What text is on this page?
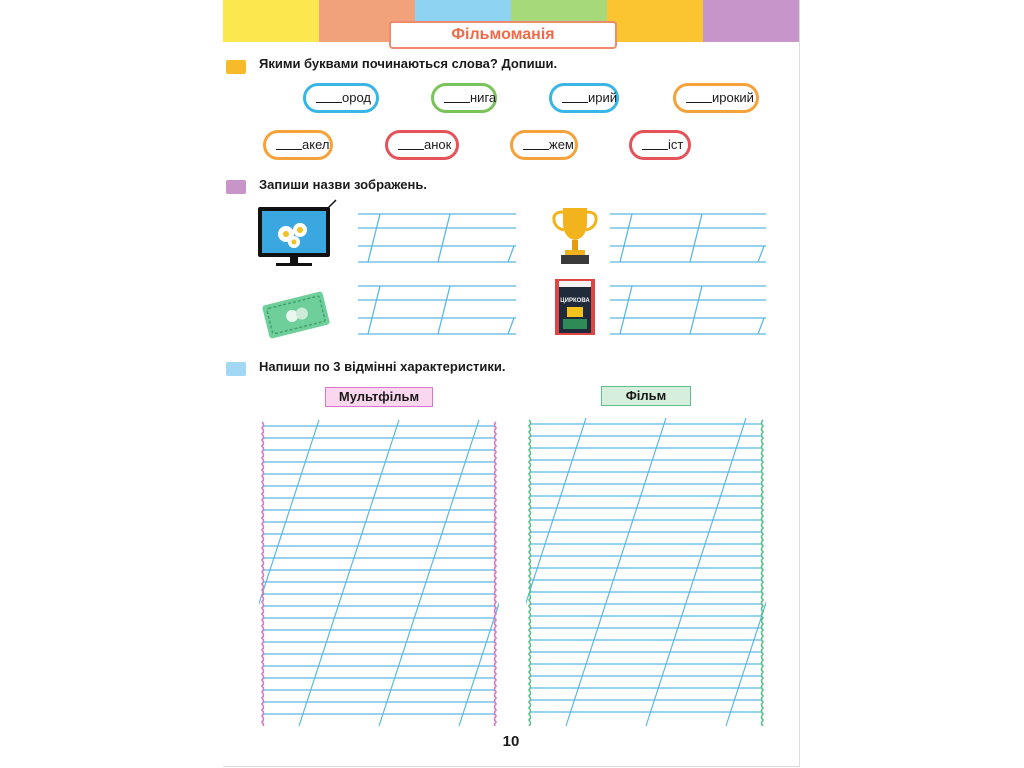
Фільмоманія
Якими буквами починаються слова? Допиши.
ород	нига	ирий	ирокий
акел	анок	жем	іст
Запиши назви зображень.
ЦИРКОВА
Напиши по 3 відмінні характеристики.
Мультфільм	Фільм
10
